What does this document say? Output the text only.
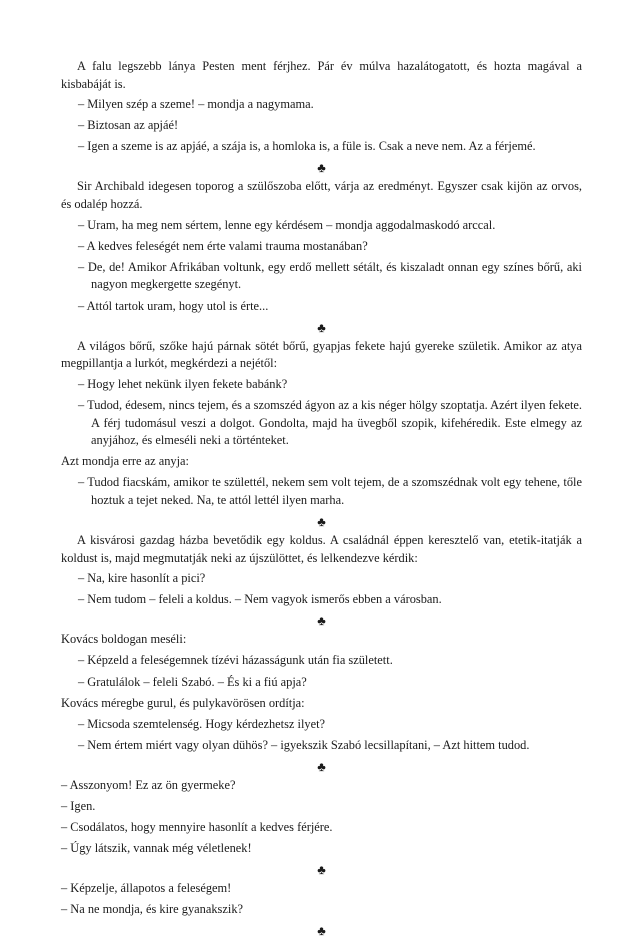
A falu legszebb lánya Pesten ment férjhez. Pár év múlva hazalátogatott, és hozta magával a kisbabáját is.

– Milyen szép a szeme! – mondja a nagymama.

– Biztosan az apjáé!

– Igen a szeme is az apjáé, a szája is, a homloka is, a füle is. Csak a neve nem. Az a férjemé.

♣

Sir Archibald idegesen toporog a szülőszoba előtt, várja az eredményt. Egyszer csak kijön az orvos, és odalép hozzá.

– Uram, ha meg nem sértem, lenne egy kérdésem – mondja aggodalmaskodó arccal.

– A kedves feleségét nem érte valami trauma mostanában?

– De, de! Amikor Afrikában voltunk, egy erdő mellett sétált, és kiszaladt onnan egy színes bőrű, aki nagyon megkergette szegényt.

– Attól tartok uram, hogy utol is érte...

♣

A világos bőrű, szőke hajú párnak sötét bőrű, gyapjas fekete hajú gyereke születik. Amikor az atya megpillantja a lurkót, megkérdezi a nejétől:

– Hogy lehet nekünk ilyen fekete babánk?

– Tudod, édesem, nincs tejem, és a szomszéd ágyon az a kis néger hölgy szoptatja. Azért ilyen fekete. A férj tudomásul veszi a dolgot. Gondolta, majd ha üvegből szopik, kifehéredik. Este elmegy az anyjához, és elmeséli neki a történteket.

Azt mondja erre az anyja:

– Tudod fiacskám, amikor te születtél, nekem sem volt tejem, de a szomszédnak volt egy tehene, tőle hoztuk a tejet neked. Na, te attól lettél ilyen marha.

♣

A kisvárosi gazdag házba bevetődik egy koldus. A családnál éppen keresztelő van, etetik-itatják a koldust is, majd megmutatják neki az újszülöttet, és lelkendezve kérdik:

– Na, kire hasonlít a pici?

– Nem tudom – feleli a koldus. – Nem vagyok ismerős ebben a városban.

♣

Kovács boldogan meséli:

– Képzeld a feleségemnek tízévi házasságunk után fia született.

– Gratulálok – feleli Szabó. – És ki a fiú apja?

Kovács méregbe gurul, és pulykavörösen ordítja:

– Micsoda szemtelenség. Hogy kérdezhetsz ilyet?

– Nem értem miért vagy olyan dühös? – igyekszik Szabó lecsillapítani, – Azt hittem tudod.

♣

– Asszonyom! Ez az ön gyermeke?

– Igen.

– Csodálatos, hogy mennyire hasonlít a kedves férjére.

– Úgy látszik, vannak még véletlenek!

♣

– Képzelje, állapotos a feleségem!

– Na ne mondja, és kire gyanakszik?

♣
